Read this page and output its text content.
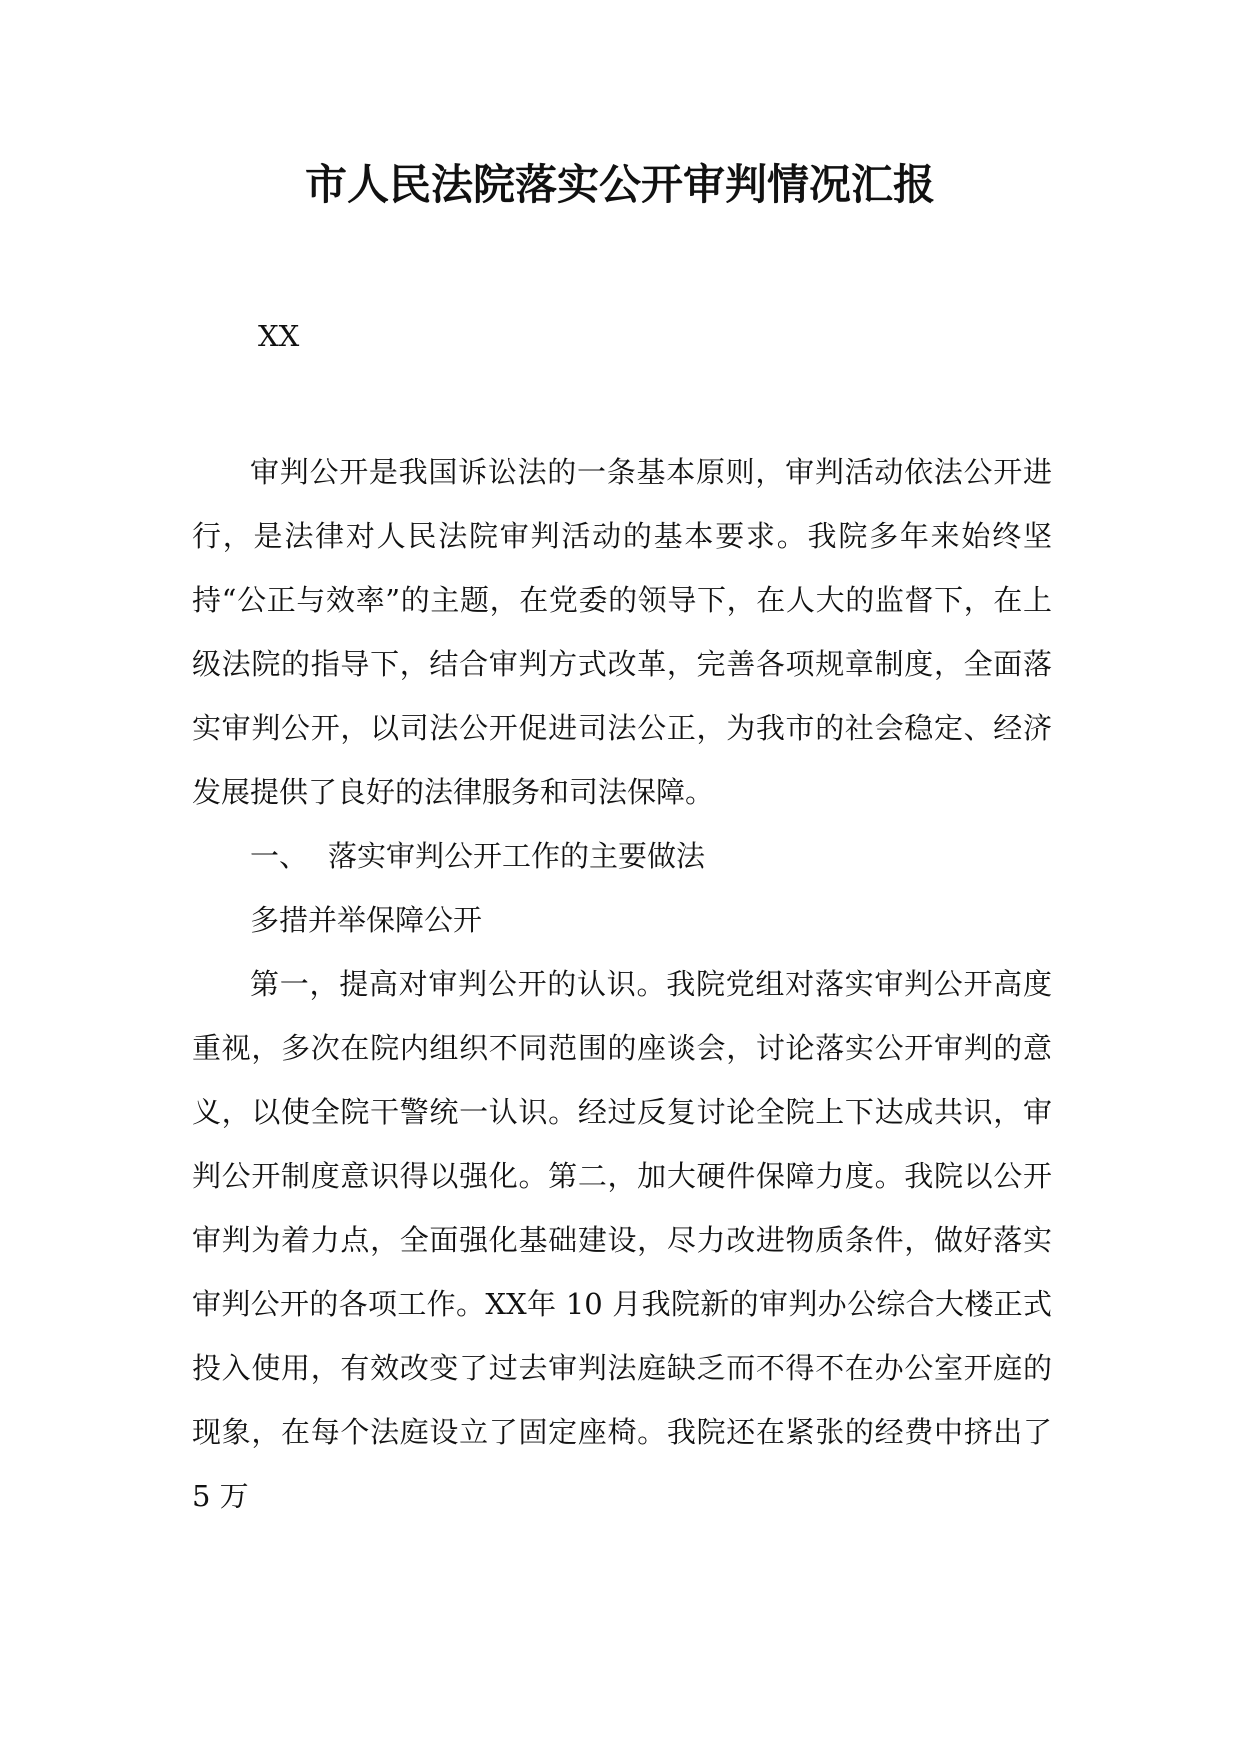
市人民法院落实公开审判情况汇报
XX

审判公开是我国诉讼法的一条基本原则，审判活动依法公开进行，是法律对人民法院审判活动的基本要求。我院多年来始终坚持“公正与效率”的主题，在党委的领导下，在人大的监督下，在上级法院的指导下，结合审判方式改革，完善各项规章制度，全面落实审判公开，以司法公开促进司法公正，为我市的社会稳定、经济发展提供了良好的法律服务和司法保障。

一、 落实审判公开工作的主要做法

多措并举保障公开

第一，提高对审判公开的认识。我院党组对落实审判公开高度重视，多次在院内组织不同范围的座谈会，讨论落实公开审判的意义，以使全院干警统一认识。经过反复讨论全院上下达成共识，审判公开制度意识得以强化。第二，加大硬件保障力度。我院以公开审判为着力点，全面强化基础建设，尽力改进物质条件，做好落实审判公开的各项工作。XX年 10 月我院新的审判办公综合大楼正式投入使用，有效改变了过去审判法庭缺乏而不得不在办公室开庭的现象，在每个法庭设立了固定座椅。我院还在紧张的经费中挤出了 5 万
